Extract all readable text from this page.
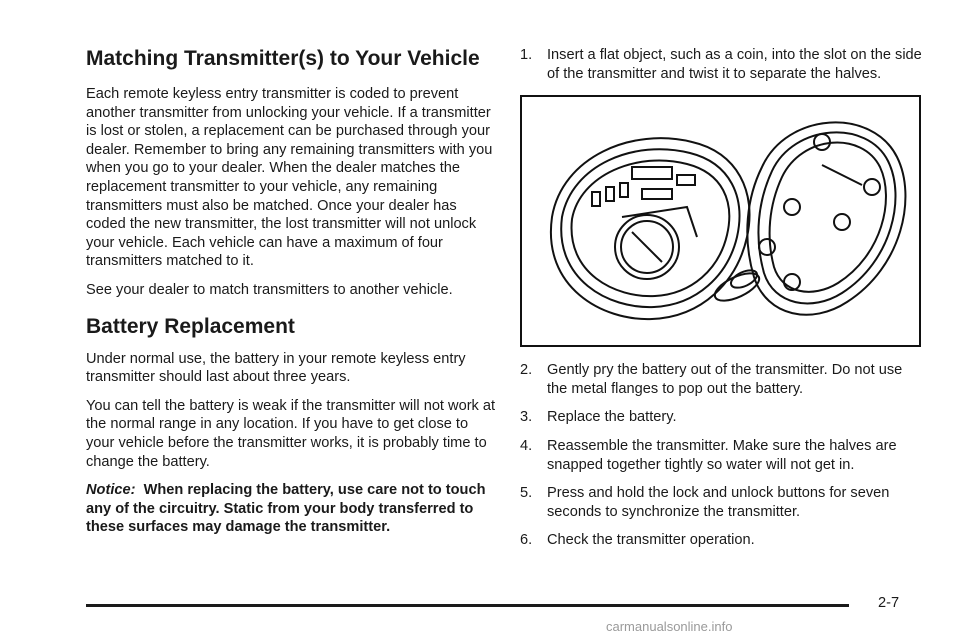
Matching Transmitter(s) to Your Vehicle

Each remote keyless entry transmitter is coded to prevent another transmitter from unlocking your vehicle. If a transmitter is lost or stolen, a replacement can be purchased through your dealer. Remember to bring any remaining transmitters with you when you go to your dealer. When the dealer matches the replacement transmitter to your vehicle, any remaining transmitters must also be matched. Once your dealer has coded the new transmitter, the lost transmitter will not unlock your vehicle. Each vehicle can have a maximum of four transmitters matched to it.

See your dealer to match transmitters to another vehicle.

Battery Replacement

Under normal use, the battery in your remote keyless entry transmitter should last about three years.

You can tell the battery is weak if the transmitter will not work at the normal range in any location. If you have to get close to your vehicle before the transmitter works, it is probably time to change the battery.

Notice: When replacing the battery, use care not to touch any of the circuitry. Static from your body transferred to these surfaces may damage the transmitter.

1. Insert a flat object, such as a coin, into the slot on the side of the transmitter and twist it to separate the halves.
2. Gently pry the battery out of the transmitter. Do not use the metal flanges to pop out the battery.
3. Replace the battery.
4. Reassemble the transmitter. Make sure the halves are snapped together tightly so water will not get in.
5. Press and hold the lock and unlock buttons for seven seconds to synchronize the transmitter.
6. Check the transmitter operation.
2-7
carmanualsonline.info
